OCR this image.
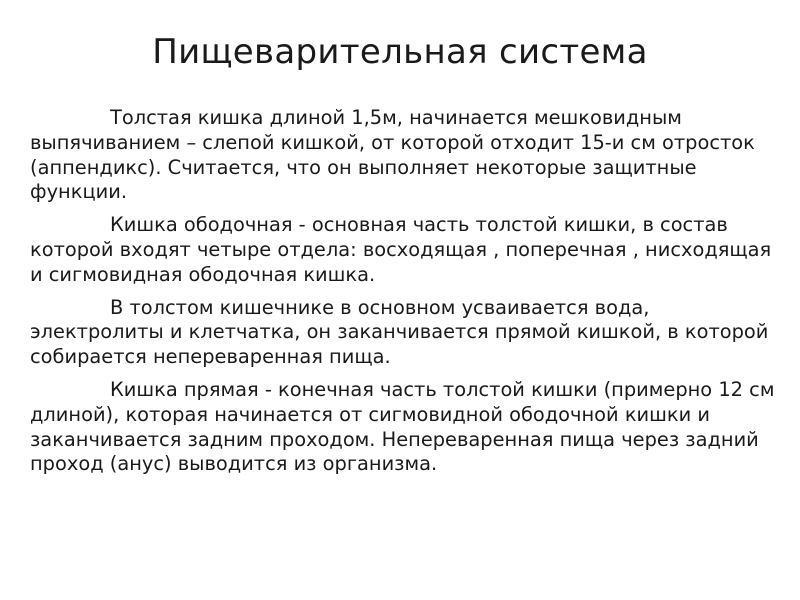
Пищеварительная система

Толстая кишка длиной 1,5м, начинается мешковидным выпячиванием – слепой кишкой, от которой отходит 15-и см отросток (аппендикс). Считается, что он выполняет некоторые защитные функции.

Кишка ободочная - основная часть толстой кишки, в состав которой входят четыре отдела: восходящая , поперечная , нисходящая и сигмовидная ободочная кишка.

В толстом кишечнике в основном усваивается вода, электролиты и клетчатка, он заканчивается прямой кишкой, в которой собирается непереваренная пища.

Кишка прямая - конечная часть толстой кишки (примерно 12 см длиной), которая начинается от сигмовидной ободочной кишки и заканчивается задним проходом. Непереваренная пища через задний проход (анус) выводится из организма.
